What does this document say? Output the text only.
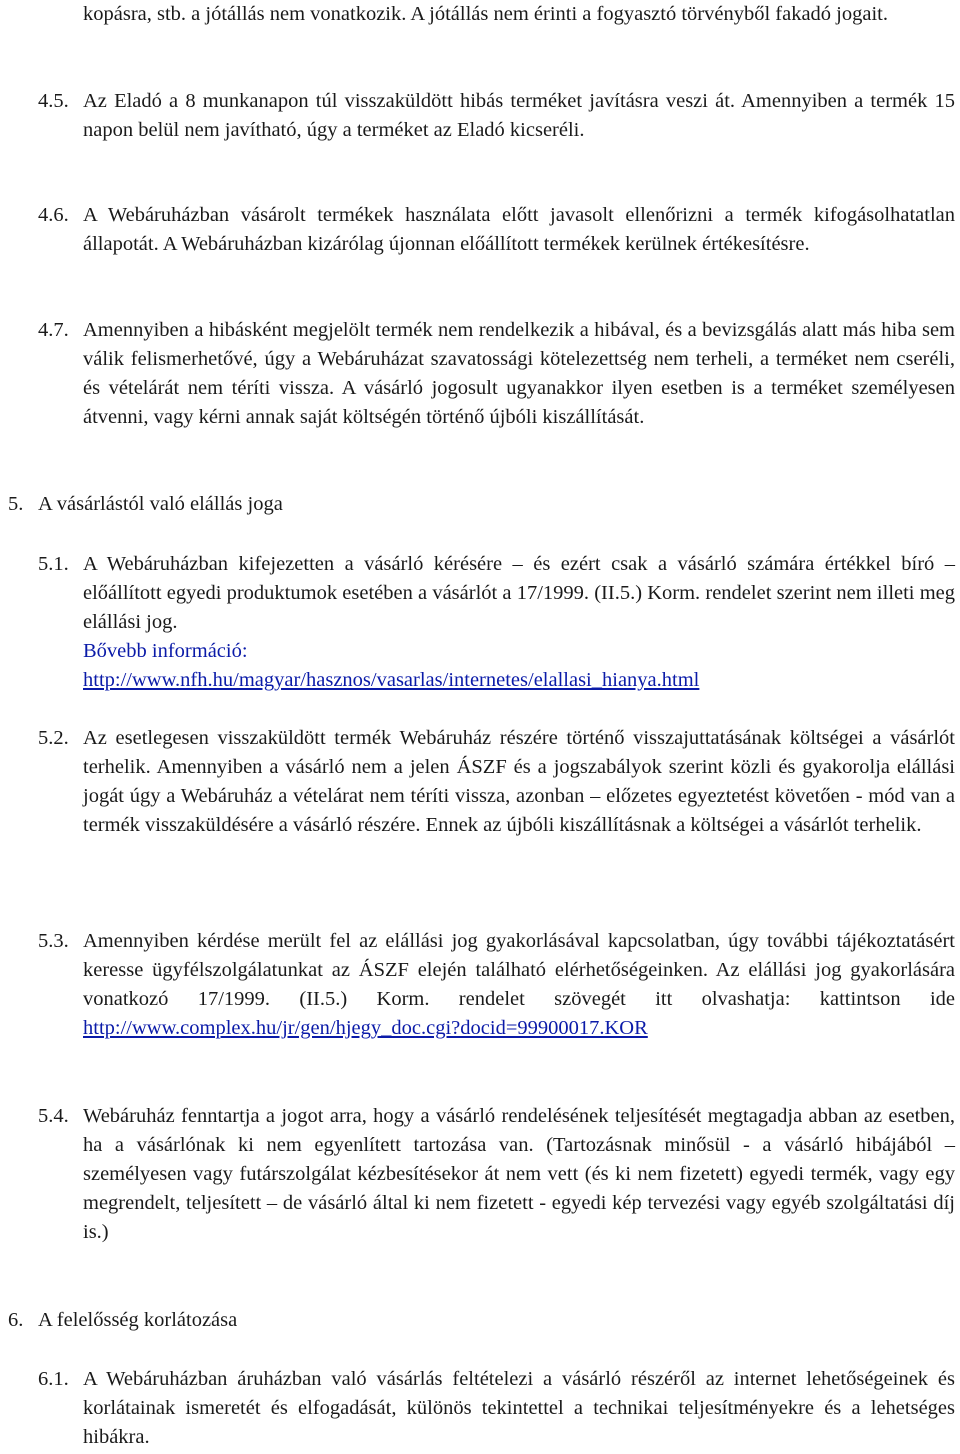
kopásra, stb. a jótállás nem vonatkozik. A jótállás nem érinti a fogyasztó törvényből fakadó jogait.
4.5. Az Eladó a 8 munkanapon túl visszaküldött hibás terméket javításra veszi át. Amennyiben a termék 15 napon belül nem javítható, úgy a terméket az Eladó kicseréli.
4.6. A Webáruházban vásárolt termékek használata előtt javasolt ellenőrizni a termék kifogásolhatatlan állapotát. A Webáruházban kizárólag újonnan előállított termékek kerülnek értékesítésre.
4.7. Amennyiben a hibásként megjelölt termék nem rendelkezik a hibával, és a bevizsgálás alatt más hiba sem válik felismerhetővé, úgy a Webáruházat szavatossági kötelezettség nem terheli, a terméket nem cseréli, és vételárát nem téríti vissza. A vásárló jogosult ugyanakkor ilyen esetben is a terméket személyesen átvenni, vagy kérni annak saját költségén történő újbóli kiszállítását.
5. A vásárlástól való elállás joga
5.1. A Webáruházban kifejezetten a vásárló kérésére – és ezért csak a vásárló számára értékkel bíró – előállított egyedi produktumok esetében a vásárlót a 17/1999. (II.5.) Korm. rendelet szerint nem illeti meg elállási jog.
Bővebb információ:
http://www.nfh.hu/magyar/hasznos/vasarlas/internetes/elallasi_hianya.html
5.2. Az esetlegesen visszaküldött termék Webáruház részére történő visszajuttatásának költségei a vásárlót terhelik. Amennyiben a vásárló nem a jelen ÁSZF és a jogszabályok szerint közli és gyakorolja elállási jogát úgy a Webáruház a vételárat nem téríti vissza, azonban – előzetes egyeztetést követően - mód van a termék visszaküldésére a vásárló részére. Ennek az újbóli kiszállításnak a költségei a vásárlót terhelik.
5.3. Amennyiben kérdése merült fel az elállási jog gyakorlásával kapcsolatban, úgy további tájékoztatásért keresse ügyfélszolgálatunkat az ÁSZF elején található elérhetőségeinken. Az elállási jog gyakorlására vonatkozó 17/1999. (II.5.) Korm. rendelet szövegét itt olvashatja: kattintson ide
http://www.complex.hu/jr/gen/hjegy_doc.cgi?docid=99900017.KOR
5.4. Webáruház fenntartja a jogot arra, hogy a vásárló rendelésének teljesítését megtagadja abban az esetben, ha a vásárlónak ki nem egyenlített tartozása van. (Tartozásnak minősül - a vásárló hibájából – személyesen vagy futárszolgálat kézbesítésekor át nem vett (és ki nem fizetett) egyedi termék, vagy egy megrendelt, teljesített – de vásárló által ki nem fizetett - egyedi kép tervezési vagy egyéb szolgáltatási díj is.)
6. A felelősség korlátozása
6.1. A Webáruházban áruházban való vásárlás feltételezi a vásárló részéről az internet lehetőségeinek és korlátainak ismeretét és elfogadását, különös tekintettel a technikai teljesítményekre és a lehetséges hibákra.
